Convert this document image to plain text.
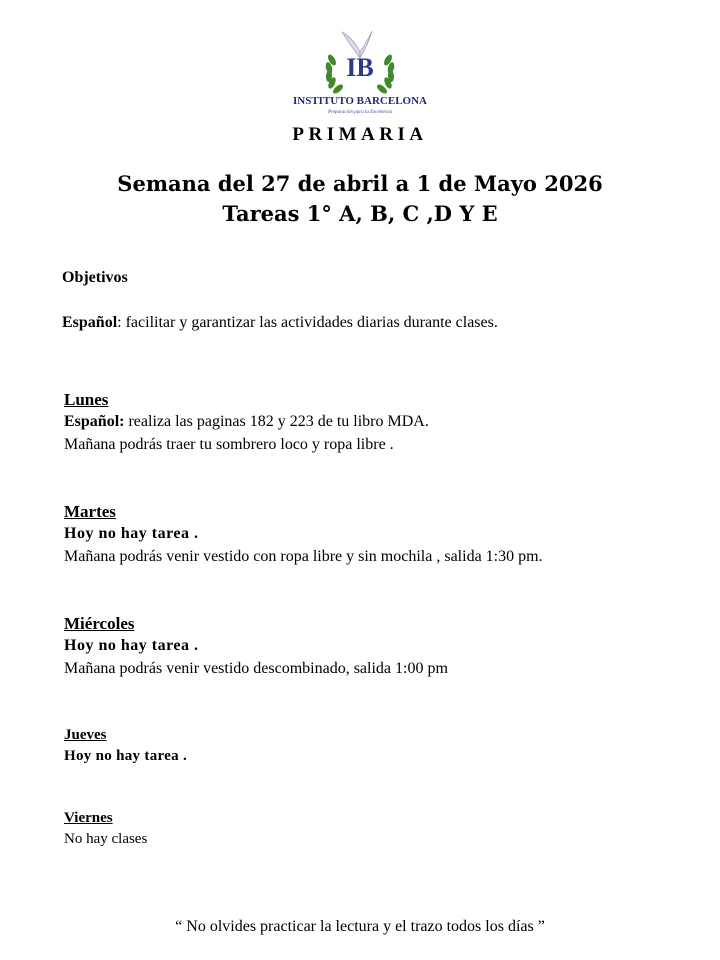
IB
INSTITUTO BARCELONA
Preparación para la Excelencia
PRIMARIA
Semana del 27 de abril a 1 de Mayo 2026
Tareas 1° A, B, C ,D Y E
Objetivos
Español: facilitar y garantizar las actividades diarias durante clases.
Lunes
Español: realiza las paginas 182 y 223 de tu libro MDA.
Mañana podrás traer tu sombrero loco y ropa libre .
Martes
Hoy no hay tarea .
Mañana podrás venir vestido con ropa libre y sin mochila , salida 1:30 pm.
Miércoles
Hoy no hay tarea .
Mañana podrás venir vestido descombinado, salida 1:00 pm
Jueves
Hoy no hay tarea .
Viernes
No hay clases
“ No olvides practicar la lectura y el trazo todos los días ”
